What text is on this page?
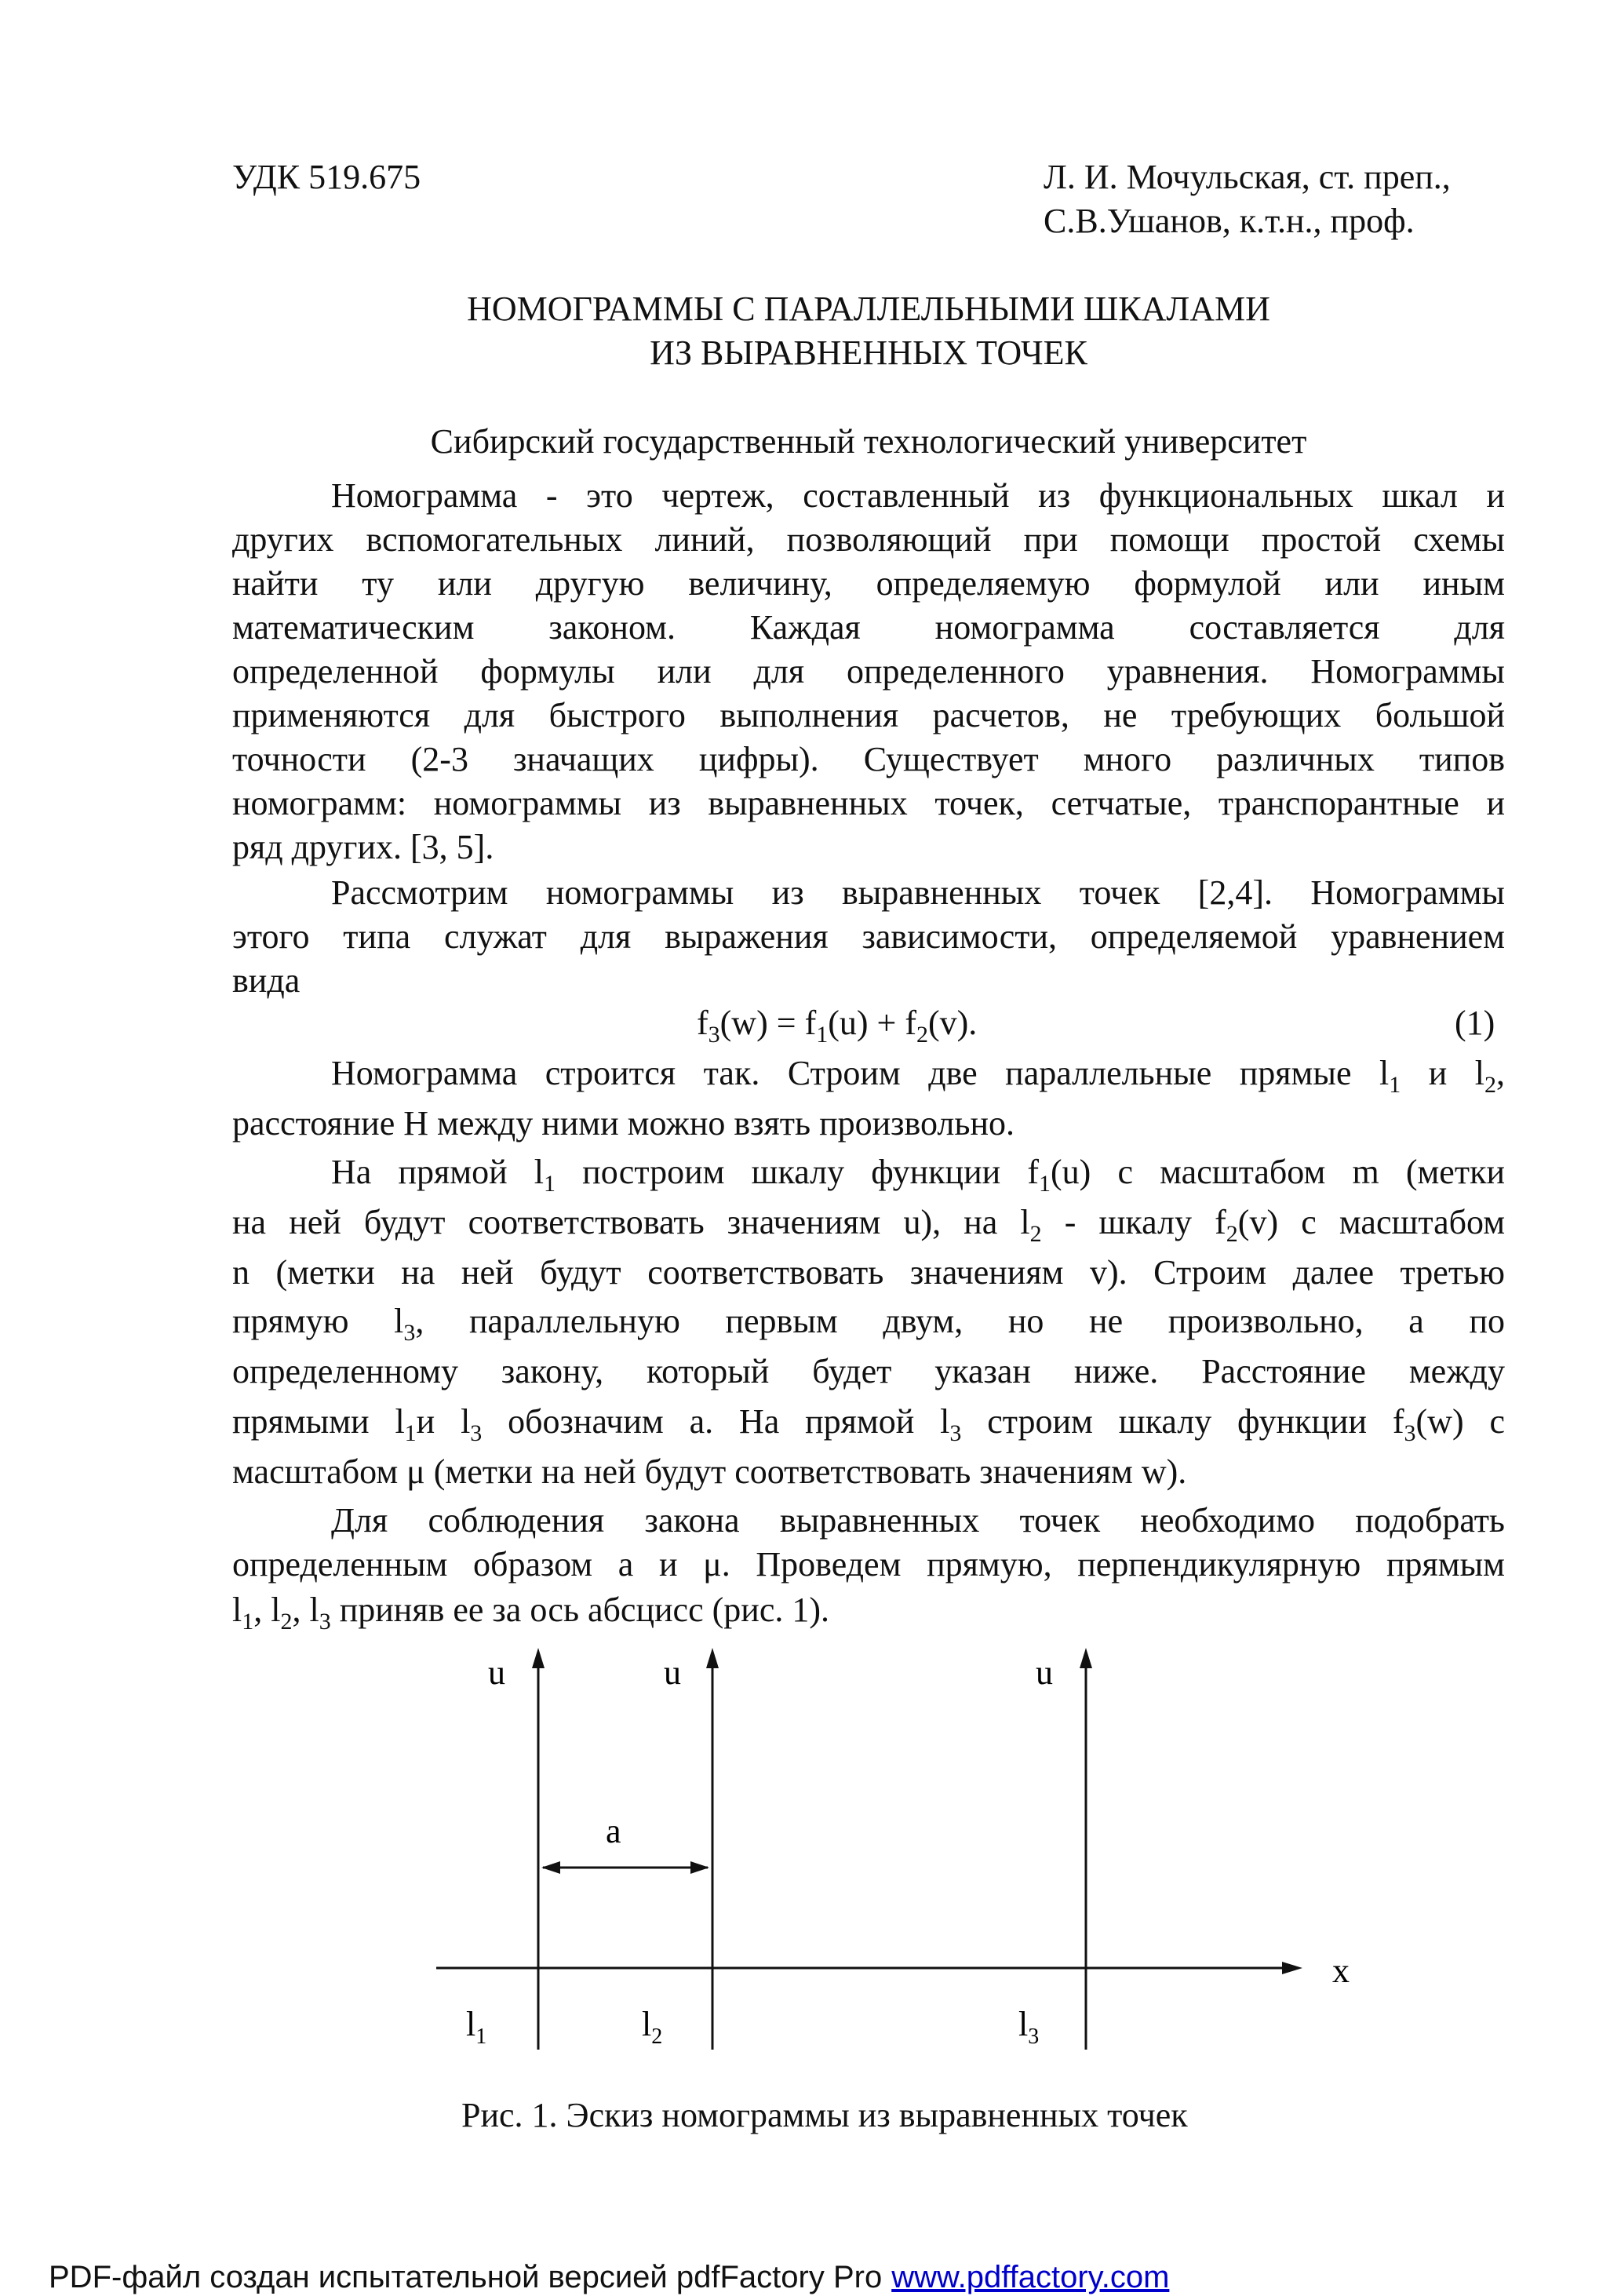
УДК 519.675	Л. И. Мочульская, ст. преп.,
С.В.Ушанов, к.т.н., проф.
НОМОГРАММЫ С ПАРАЛЛЕЛЬНЫМИ ШКАЛАМИ
ИЗ ВЫРАВНЕННЫХ ТОЧЕК
Сибирский государственный технологический университет
Номограмма - это чертеж, составленный из функциональных шкал и
других вспомогательных линий, позволяющий при помощи простой схемы
найти ту или другую величину, определяемую формулой или иным
математическим законом. Каждая номограмма составляется для
определенной формулы или для определенного уравнения. Номограммы
применяются для быстрого выполнения расчетов, не требующих большой
точности (2-3 значащих цифры). Существует много различных типов
номограмм: номограммы из выравненных точек, сетчатые, транспорантные и
ряд других. [3, 5].
Рассмотрим номограммы из выравненных точек [2,4]. Номограммы
этого типа служат для выражения зависимости, определяемой уравнением
вида
$f_3(w) = f_1(u) + f_2(v)$.	(1)
Номограмма строится так. Строим две параллельные прямые $l_1$ и $l_2$,
расстояние H между ними можно взять произвольно.
На прямой $l_1$ построим шкалу функции $f_1(u)$ с масштабом m (метки
на ней будут соответствовать значениям u), на $l_2$ - шкалу $f_2(v)$ с масштабом
n (метки на ней будут соответствовать значениям v). Строим далее третью
прямую $l_3$, параллельную первым двум, но не произвольно, а по
определенному закону, который будет указан ниже. Расстояние между
прямыми $l_1и$ $l_3$ обозначим а. На прямой $l_3$ строим шкалу функции $f_3(w)$ с
масштабом μ (метки на ней будут соответствовать значениям w).
Для соблюдения закона выравненных точек необходимо подобрать
определенным образом а и μ. Проведем прямую, перпендикулярную прямым
$l_1$, $l_2$, $l_3$ приняв ее за ось абсцисс (рис. 1).
u	u	u
a
x
$l_1$	$l_2$	$l_3$
Рис. 1. Эскиз номограммы из выравненных точек
PDF-файл создан испытательной версией pdfFactory Pro www.pdffactory.com
